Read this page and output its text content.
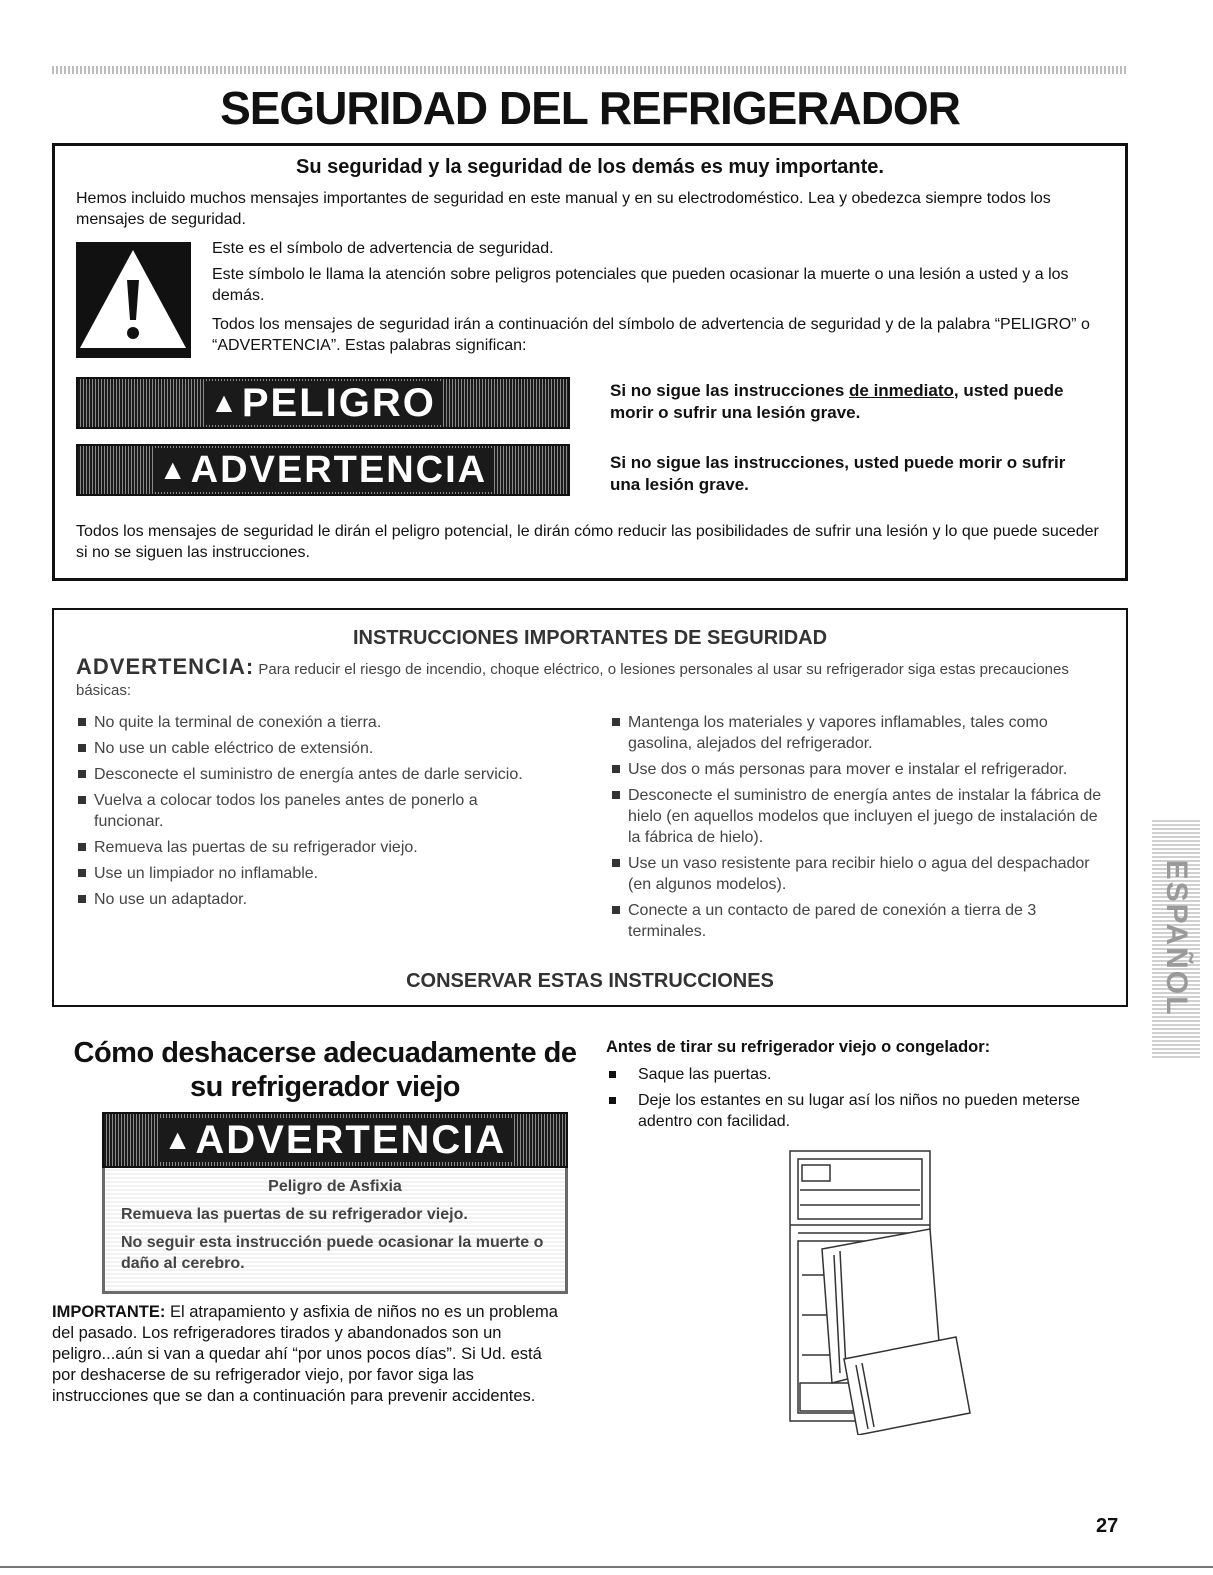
SEGURIDAD DEL REFRIGERADOR
Su seguridad y la seguridad de los demás es muy importante.
Hemos incluido muchos mensajes importantes de seguridad en este manual y en su electrodoméstico. Lea y obedezca siempre todos los mensajes de seguridad.
Este es el símbolo de advertencia de seguridad.
Este símbolo le llama la atención sobre peligros potenciales que pueden ocasionar la muerte o una lesión a usted y a los demás.
Todos los mensajes de seguridad irán a continuación del símbolo de advertencia de seguridad y de la palabra “PELIGRO” o “ADVERTENCIA”. Estas palabras significan:
▲ PELIGRO	Si no sigue las instrucciones de inmediato, usted puede morir o sufrir una lesión grave.
▲ ADVERTENCIA	Si no sigue las instrucciones, usted puede morir o sufrir una lesión grave.
Todos los mensajes de seguridad le dirán el peligro potencial, le dirán cómo reducir las posibilidades de sufrir una lesión y lo que puede suceder si no se siguen las instrucciones.
INSTRUCCIONES IMPORTANTES DE SEGURIDAD
ADVERTENCIA: Para reducir el riesgo de incendio, choque eléctrico, o lesiones personales al usar su refrigerador siga estas precauciones básicas:
No quite la terminal de conexión a tierra.
No use un cable eléctrico de extensión.
Desconecte el suministro de energía antes de darle servicio.
Vuelva a colocar todos los paneles antes de ponerlo a funcionar.
Remueva las puertas de su refrigerador viejo.
Use un limpiador no inflamable.
No use un adaptador.
Mantenga los materiales y vapores inflamables, tales como gasolina, alejados del refrigerador.
Use dos o más personas para mover e instalar el refrigerador.
Desconecte el suministro de energía antes de instalar la fábrica de hielo (en aquellos modelos que incluyen el juego de instalación de la fábrica de hielo).
Use un vaso resistente para recibir hielo o agua del despachador (en algunos modelos).
Conecte a un contacto de pared de conexión a tierra de 3 terminales.
CONSERVAR ESTAS INSTRUCCIONES	ESPAÑOL
Cómo deshacerse adecuadamente de
su refrigerador viejo
▲ ADVERTENCIA
Peligro de Asfixia
Remueva las puertas de su refrigerador viejo.
No seguir esta instrucción puede ocasionar la muerte o daño al cerebro.
IMPORTANTE: El atrapamiento y asfixia de niños no es un problema del pasado. Los refrigeradores tirados y abandonados son un peligro...aún si van a quedar ahí “por unos pocos días”. Si Ud. está por deshacerse de su refrigerador viejo, por favor siga las instrucciones que se dan a continuación para prevenir accidentes.
Antes de tirar su refrigerador viejo o congelador:
Saque las puertas.
Deje los estantes en su lugar así los niños no pueden meterse adentro con facilidad.
27
